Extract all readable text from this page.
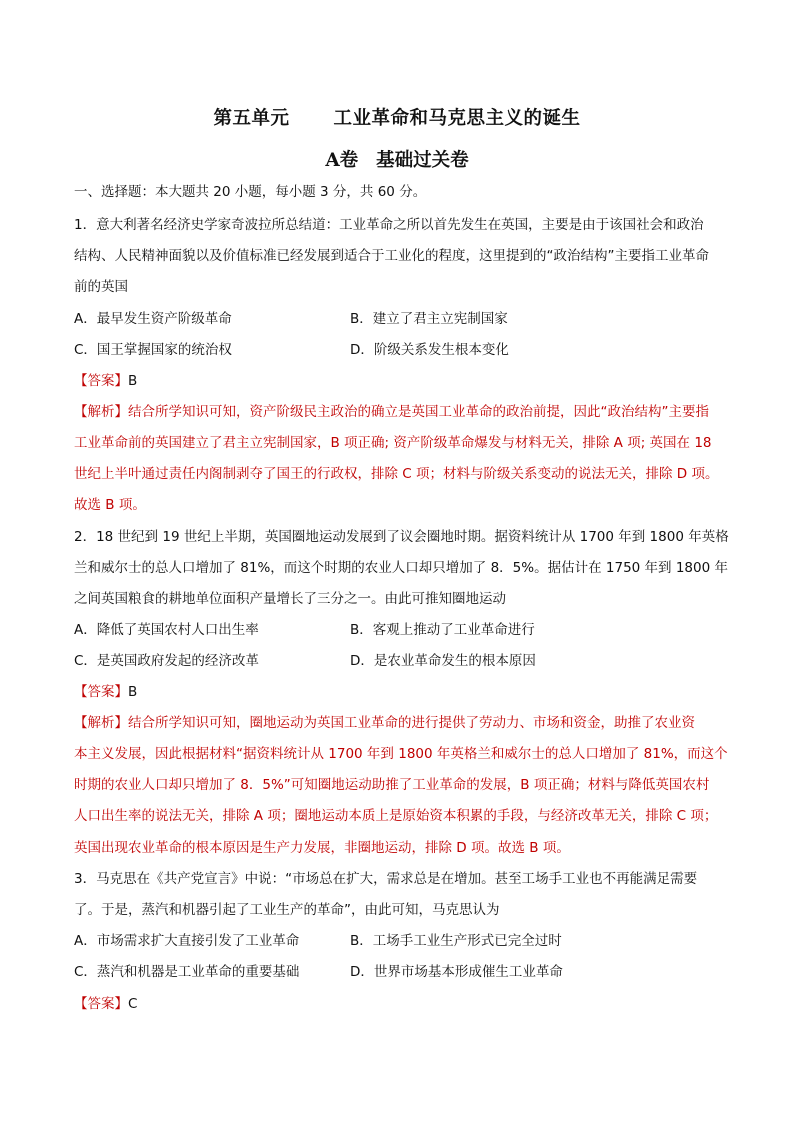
第五单元 工业革命和马克思主义的诞生
A卷 基础过关卷
一、选择题：本大题共 20 小题，每小题 3 分，共 60 分。
1．意大利著名经济史学家奇波拉所总结道：工业革命之所以首先发生在英国，主要是由于该国社会和政治
结构、人民精神面貌以及价值标准已经发展到适合于工业化的程度，这里提到的“政治结构”主要指工业革命
前的英国
A．最早发生资产阶级革命	B．建立了君主立宪制国家
C．国王掌握国家的统治权	D．阶级关系发生根本变化
【答案】B
【解析】结合所学知识可知，资产阶级民主政治的确立是英国工业革命的政治前提，因此“政治结构”主要指
工业革命前的英国建立了君主立宪制国家，B 项正确; 资产阶级革命爆发与材料无关，排除 A 项; 英国在 18
世纪上半叶通过责任内阁制剥夺了国王的行政权，排除 C 项；材料与阶级关系变动的说法无关，排除 D 项。
故选 B 项。
2．18 世纪到 19 世纪上半期，英国圈地运动发展到了议会圈地时期。据资料统计从 1700 年到 1800 年英格
兰和威尔士的总人口增加了 81%，而这个时期的农业人口却只增加了 8．5%。据估计在 1750 年到 1800 年
之间英国粮食的耕地单位面积产量增长了三分之一。由此可推知圈地运动
A．降低了英国农村人口出生率	B．客观上推动了工业革命进行
C．是英国政府发起的经济改革	D．是农业革命发生的根本原因
【答案】B
【解析】结合所学知识可知，圈地运动为英国工业革命的进行提供了劳动力、市场和资金，助推了农业资
本主义发展，因此根据材料“据资料统计从 1700 年到 1800 年英格兰和威尔士的总人口增加了 81%，而这个
时期的农业人口却只增加了 8．5%”可知圈地运动助推了工业革命的发展，B 项正确；材料与降低英国农村
人口出生率的说法无关，排除 A 项；圈地运动本质上是原始资本积累的手段，与经济改革无关，排除 C 项；
英国出现农业革命的根本原因是生产力发展，非圈地运动，排除 D 项。故选 B 项。
3．马克思在《共产党宣言》中说：“市场总在扩大，需求总是在增加。甚至工场手工业也不再能满足需要
了。于是，蒸汽和机器引起了工业生产的革命”，由此可知，马克思认为
A．市场需求扩大直接引发了工业革命	B．工场手工业生产形式已完全过时
C．蒸汽和机器是工业革命的重要基础	D．世界市场基本形成催生工业革命
【答案】C
